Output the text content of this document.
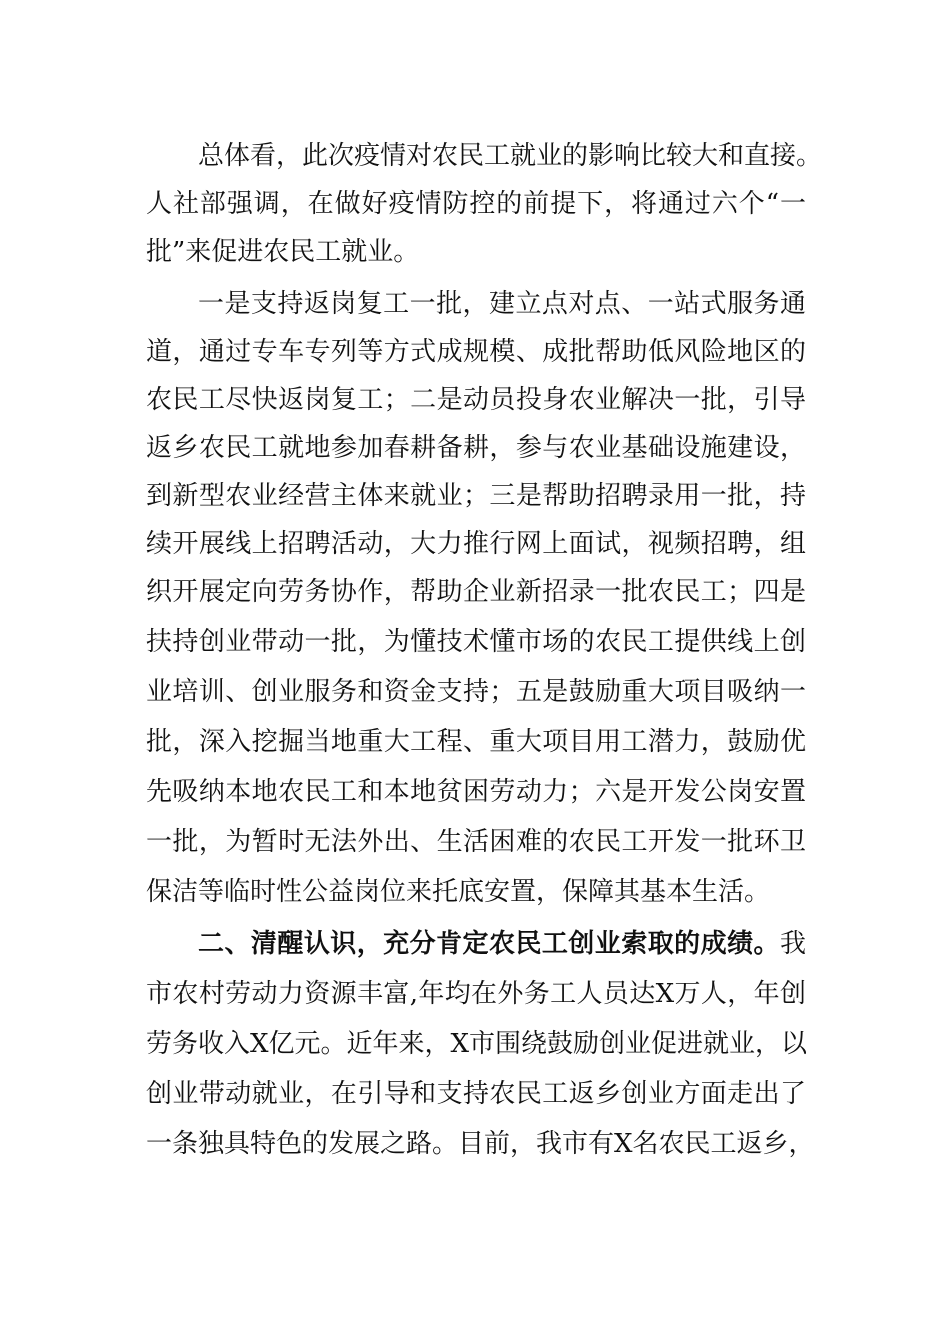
总体看，此次疫情对农民工就业的影响比较大和直接。
人社部强调，在做好疫情防控的前提下，将通过六个“一
批”来促进农民工就业。
一是支持返岗复工一批，建立点对点、一站式服务通
道，通过专车专列等方式成规模、成批帮助低风险地区的
农民工尽快返岗复工；二是动员投身农业解决一批，引导
返乡农民工就地参加春耕备耕，参与农业基础设施建设，
到新型农业经营主体来就业；三是帮助招聘录用一批，持
续开展线上招聘活动，大力推行网上面试，视频招聘，组
织开展定向劳务协作，帮助企业新招录一批农民工；四是
扶持创业带动一批，为懂技术懂市场的农民工提供线上创
业培训、创业服务和资金支持；五是鼓励重大项目吸纳一
批，深入挖掘当地重大工程、重大项目用工潜力，鼓励优
先吸纳本地农民工和本地贫困劳动力；六是开发公岗安置
一批，为暂时无法外出、生活困难的农民工开发一批环卫
保洁等临时性公益岗位来托底安置，保障其基本生活。
二、清醒认识，充分肯定农民工创业索取的成绩。我
市农村劳动力资源丰富,年均在外务工人员达X万人，年创
劳务收入X亿元。近年来，X市围绕鼓励创业促进就业，以
创业带动就业，在引导和支持农民工返乡创业方面走出了
一条独具特色的发展之路。目前，我市有X名农民工返乡，
